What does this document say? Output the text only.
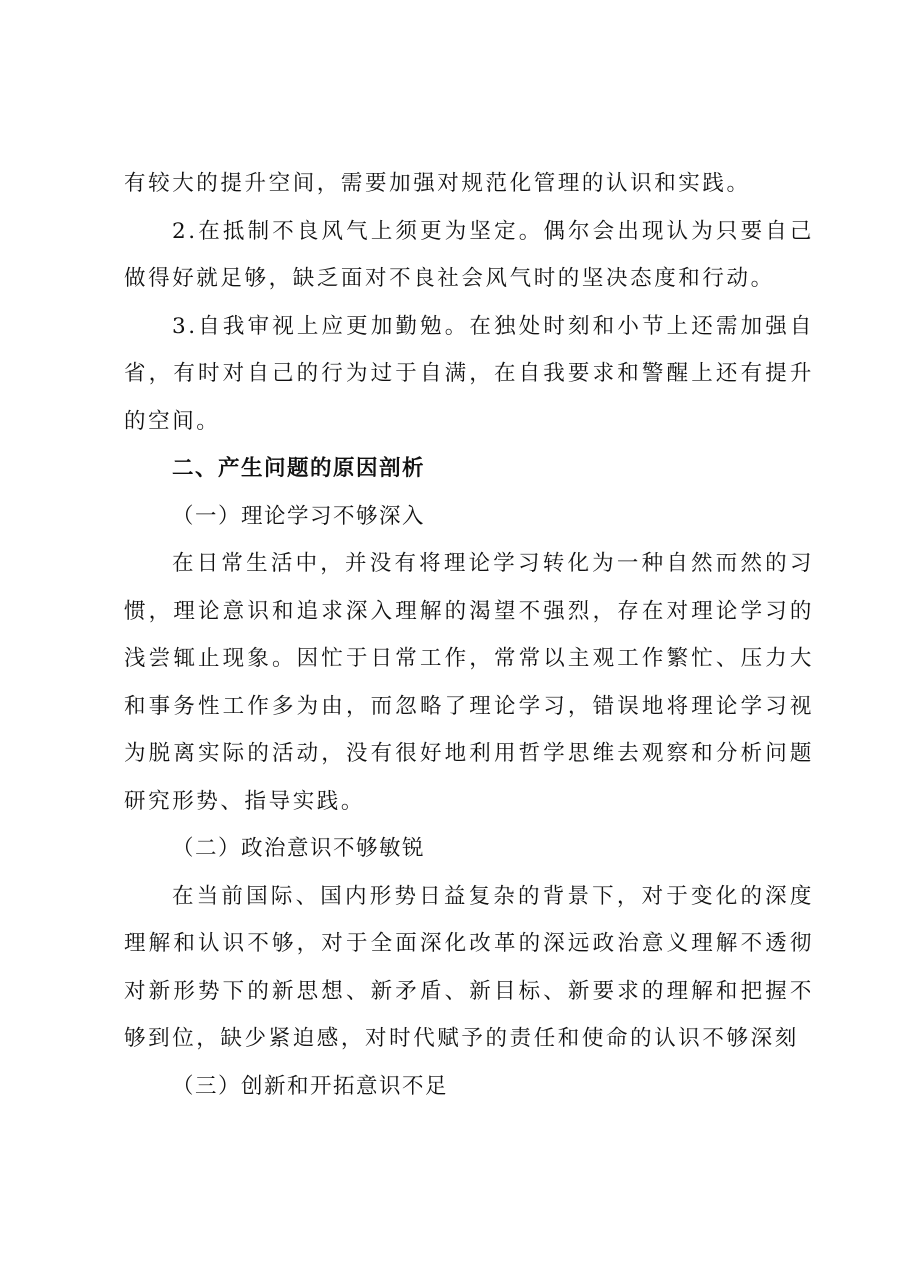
有较大的提升空间，需要加强对规范化管理的认识和实践。

2.在抵制不良风气上须更为坚定。偶尔会出现认为只要自己做得好就足够，缺乏面对不良社会风气时的坚决态度和行动。

3.自我审视上应更加勤勉。在独处时刻和小节上还需加强自省，有时对自己的行为过于自满，在自我要求和警醒上还有提升的空间。

二、产生问题的原因剖析

（一）理论学习不够深入

在日常生活中，并没有将理论学习转化为一种自然而然的习惯，理论意识和追求深入理解的渴望不强烈，存在对理论学习的浅尝辄止现象。因忙于日常工作，常常以主观工作繁忙、压力大和事务性工作多为由，而忽略了理论学习，错误地将理论学习视为脱离实际的活动，没有很好地利用哲学思维去观察和分析问题研究形势、指导实践。

（二）政治意识不够敏锐

在当前国际、国内形势日益复杂的背景下，对于变化的深度理解和认识不够，对于全面深化改革的深远政治意义理解不透彻对新形势下的新思想、新矛盾、新目标、新要求的理解和把握不够到位，缺少紧迫感，对时代赋予的责任和使命的认识不够深刻

（三）创新和开拓意识不足
